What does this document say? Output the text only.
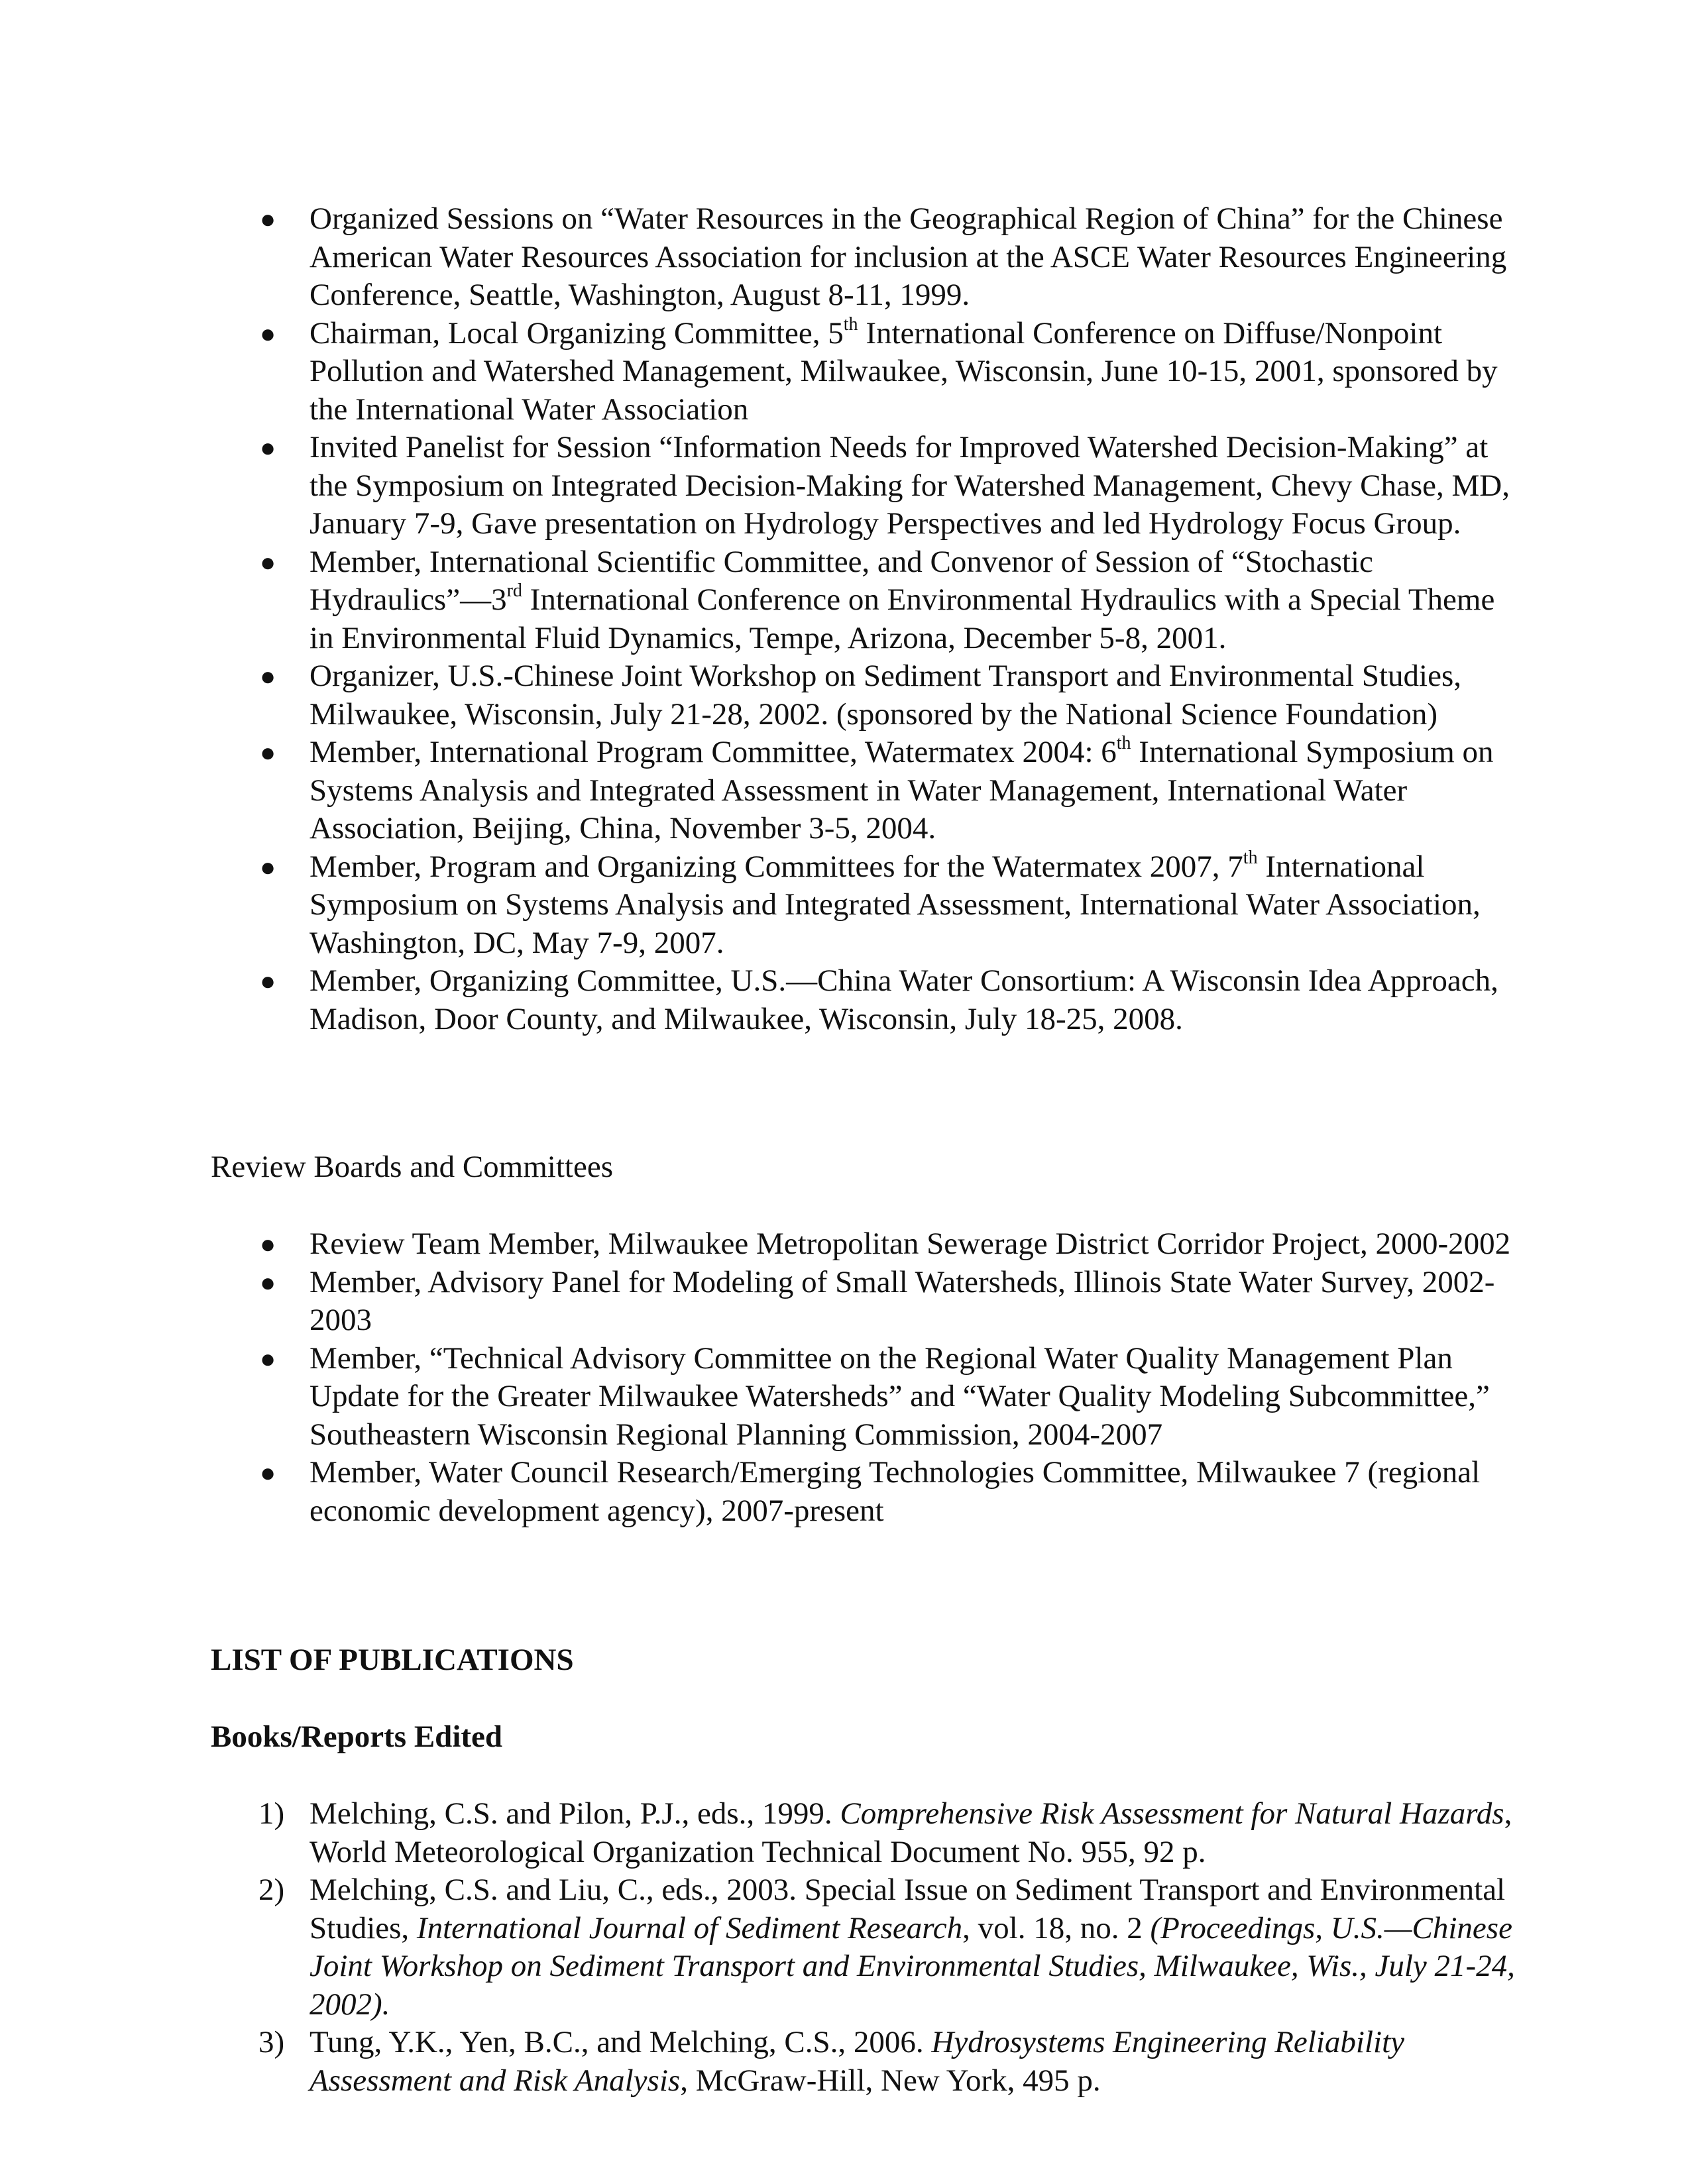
● Organized Sessions on “Water Resources in the Geographical Region of China” for the Chinese American Water Resources Association for inclusion at the ASCE Water Resources Engineering Conference, Seattle, Washington, August 8-11, 1999.
● Chairman, Local Organizing Committee, 5th International Conference on Diffuse/Nonpoint Pollution and Watershed Management, Milwaukee, Wisconsin, June 10-15, 2001, sponsored by the International Water Association
● Invited Panelist for Session “Information Needs for Improved Watershed Decision-Making” at the Symposium on Integrated Decision-Making for Watershed Management, Chevy Chase, MD, January 7-9, Gave presentation on Hydrology Perspectives and led Hydrology Focus Group.
● Member, International Scientific Committee, and Convenor of Session of “Stochastic Hydraulics”—3rd International Conference on Environmental Hydraulics with a Special Theme in Environmental Fluid Dynamics, Tempe, Arizona, December 5-8, 2001.
● Organizer, U.S.-Chinese Joint Workshop on Sediment Transport and Environmental Studies, Milwaukee, Wisconsin, July 21-28, 2002. (sponsored by the National Science Foundation)
● Member, International Program Committee, Watermatex 2004: 6th International Symposium on Systems Analysis and Integrated Assessment in Water Management, International Water Association, Beijing, China, November 3-5, 2004.
● Member, Program and Organizing Committees for the Watermatex 2007, 7th International Symposium on Systems Analysis and Integrated Assessment, International Water Association, Washington, DC, May 7-9, 2007.
● Member, Organizing Committee, U.S.—China Water Consortium: A Wisconsin Idea Approach, Madison, Door County, and Milwaukee, Wisconsin, July 18-25, 2008.
Review Boards and Committees
● Review Team Member, Milwaukee Metropolitan Sewerage District Corridor Project, 2000-2002
● Member, Advisory Panel for Modeling of Small Watersheds, Illinois State Water Survey, 2002-2003
● Member, “Technical Advisory Committee on the Regional Water Quality Management Plan Update for the Greater Milwaukee Watersheds” and “Water Quality Modeling Subcommittee,” Southeastern Wisconsin Regional Planning Commission, 2004-2007
● Member, Water Council Research/Emerging Technologies Committee, Milwaukee 7 (regional economic development agency), 2007-present
LIST OF PUBLICATIONS
Books/Reports Edited
1) Melching, C.S. and Pilon, P.J., eds., 1999. Comprehensive Risk Assessment for Natural Hazards, World Meteorological Organization Technical Document No. 955, 92 p.
2) Melching, C.S. and Liu, C., eds., 2003. Special Issue on Sediment Transport and Environmental Studies, International Journal of Sediment Research, vol. 18, no. 2 (Proceedings, U.S.—Chinese Joint Workshop on Sediment Transport and Environmental Studies, Milwaukee, Wis., July 21-24, 2002).
3) Tung, Y.K., Yen, B.C., and Melching, C.S., 2006. Hydrosystems Engineering Reliability Assessment and Risk Analysis, McGraw-Hill, New York, 495 p.
